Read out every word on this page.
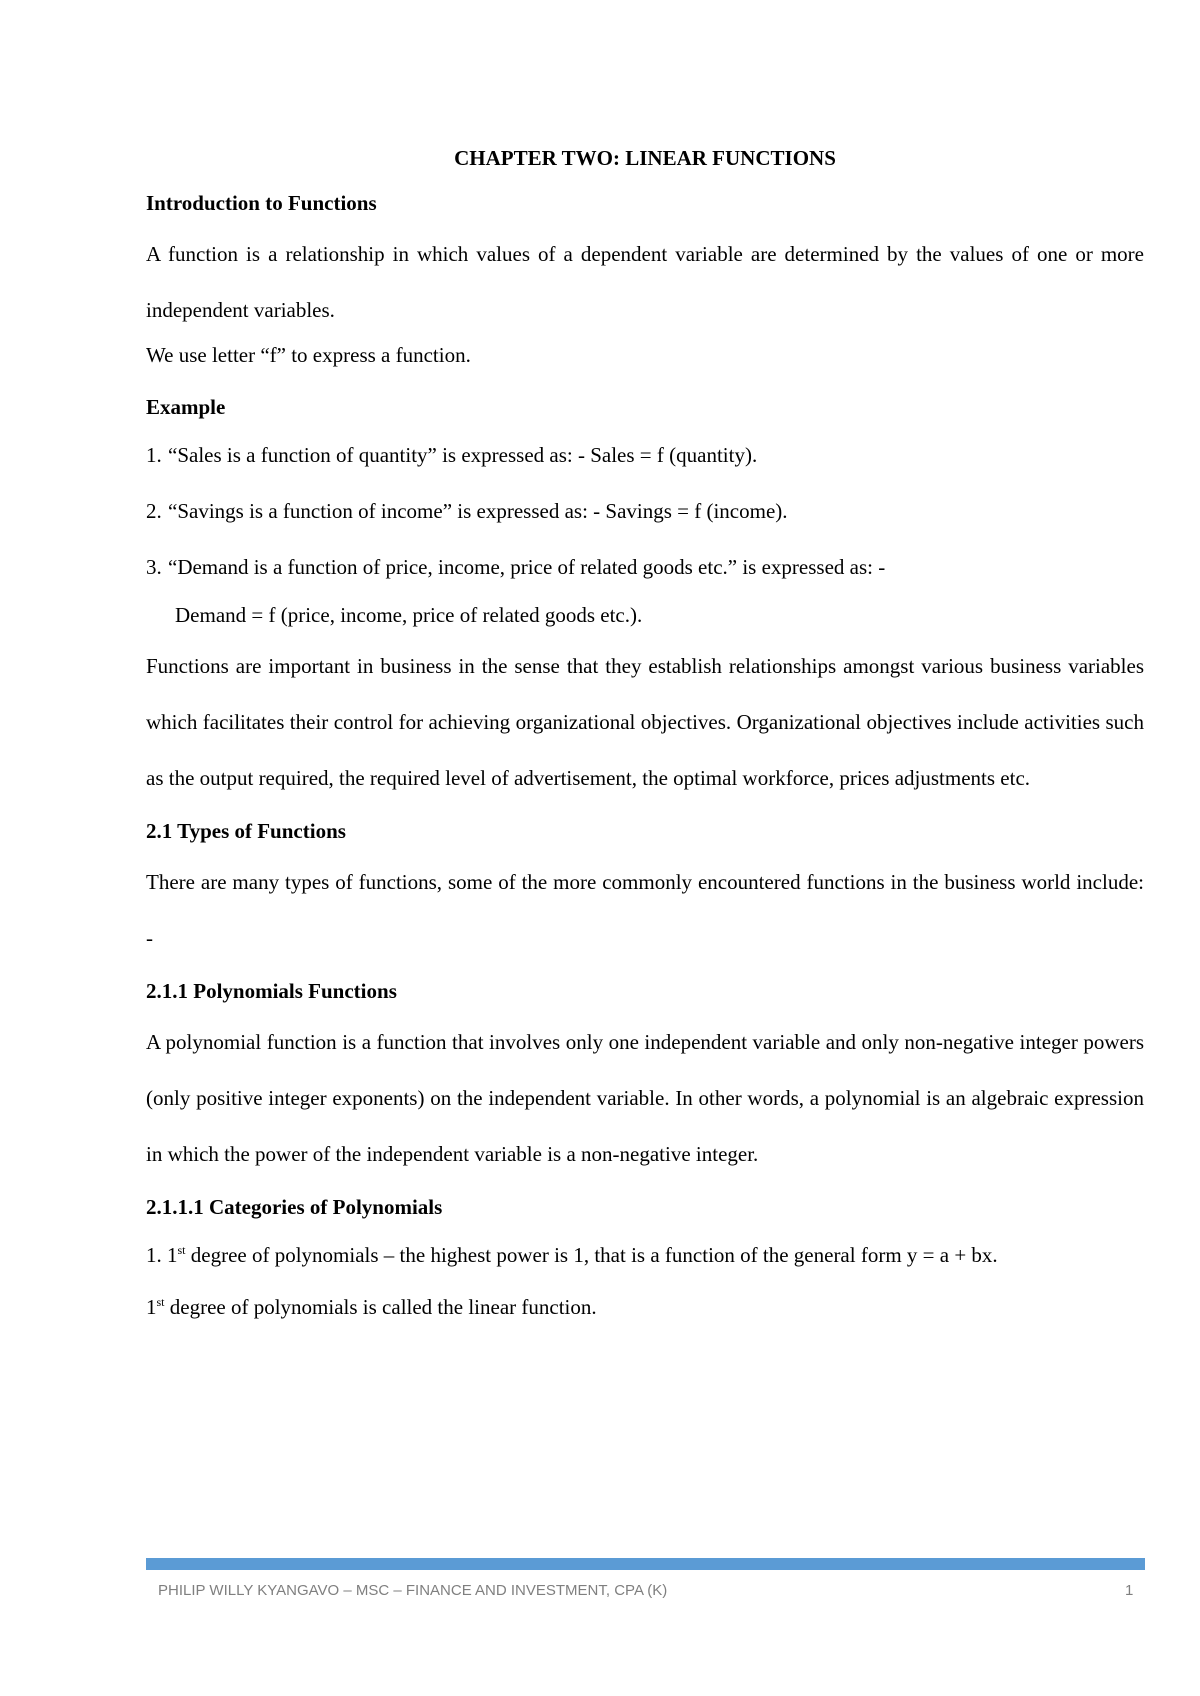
CHAPTER TWO: LINEAR FUNCTIONS
Introduction to Functions
A function is a relationship in which values of a dependent variable are determined by the values of one or more independent variables.
We use letter “f” to express a function.
Example
1. “Sales is a function of quantity” is expressed as: - Sales = f (quantity).
2. “Savings is a function of income” is expressed as: - Savings = f (income).
3. “Demand is a function of price, income, price of related goods etc.” is expressed as: -
Demand = f (price, income, price of related goods etc.).
Functions are important in business in the sense that they establish relationships amongst various business variables which facilitates their control for achieving organizational objectives. Organizational objectives include activities such as the output required, the required level of advertisement, the optimal workforce, prices adjustments etc.
2.1 Types of Functions
There are many types of functions, some of the more commonly encountered functions in the business world include: -
2.1.1 Polynomials Functions
A polynomial function is a function that involves only one independent variable and only non-negative integer powers (only positive integer exponents) on the independent variable. In other words, a polynomial is an algebraic expression in which the power of the independent variable is a non-negative integer.
2.1.1.1 Categories of Polynomials
1. 1st degree of polynomials – the highest power is 1, that is a function of the general form y = a + bx.
1st degree of polynomials is called the linear function.
PHILIP WILLY KYANGAVO – MSC – FINANCE AND INVESTMENT, CPA (K)	1
